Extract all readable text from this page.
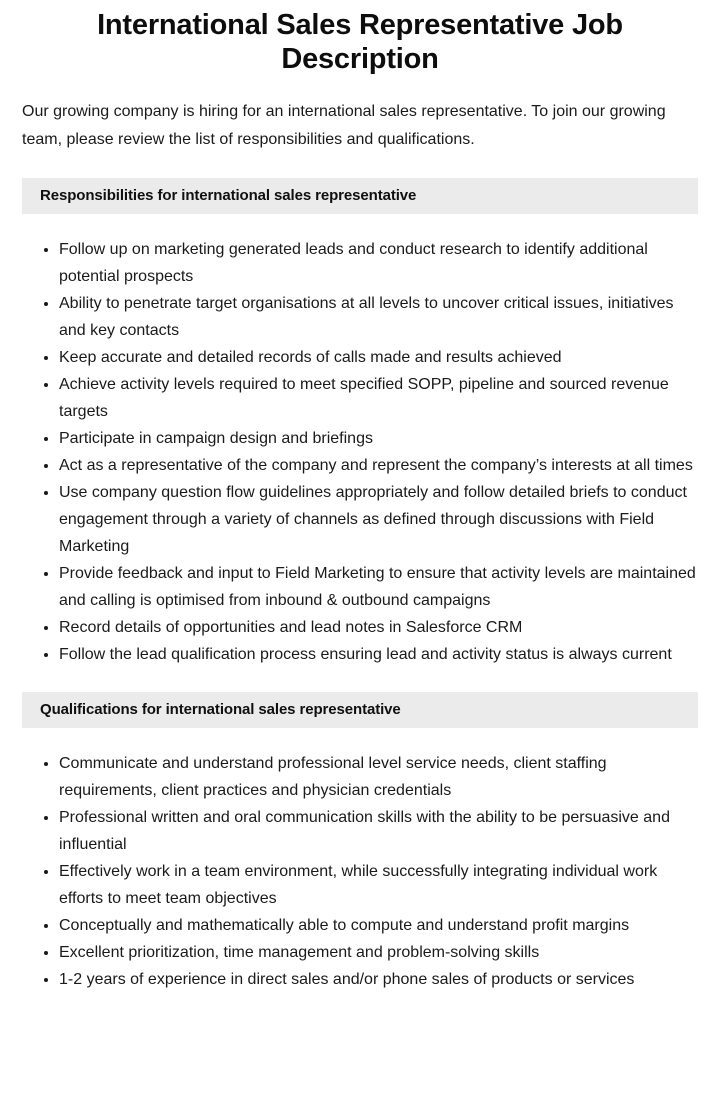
International Sales Representative Job Description

Our growing company is hiring for an international sales representative. To join our growing team, please review the list of responsibilities and qualifications.

Responsibilities for international sales representative
Follow up on marketing generated leads and conduct research to identify additional potential prospects
Ability to penetrate target organisations at all levels to uncover critical issues, initiatives and key contacts
Keep accurate and detailed records of calls made and results achieved
Achieve activity levels required to meet specified SOPP, pipeline and sourced revenue targets
Participate in campaign design and briefings
Act as a representative of the company and represent the company’s interests at all times
Use company question flow guidelines appropriately and follow detailed briefs to conduct engagement through a variety of channels as defined through discussions with Field Marketing
Provide feedback and input to Field Marketing to ensure that activity levels are maintained and calling is optimised from inbound & outbound campaigns
Record details of opportunities and lead notes in Salesforce CRM
Follow the lead qualification process ensuring lead and activity status is always current
Qualifications for international sales representative
Communicate and understand professional level service needs, client staffing requirements, client practices and physician credentials
Professional written and oral communication skills with the ability to be persuasive and influential
Effectively work in a team environment, while successfully integrating individual work efforts to meet team objectives
Conceptually and mathematically able to compute and understand profit margins
Excellent prioritization, time management and problem-solving skills
1-2 years of experience in direct sales and/or phone sales of products or services
